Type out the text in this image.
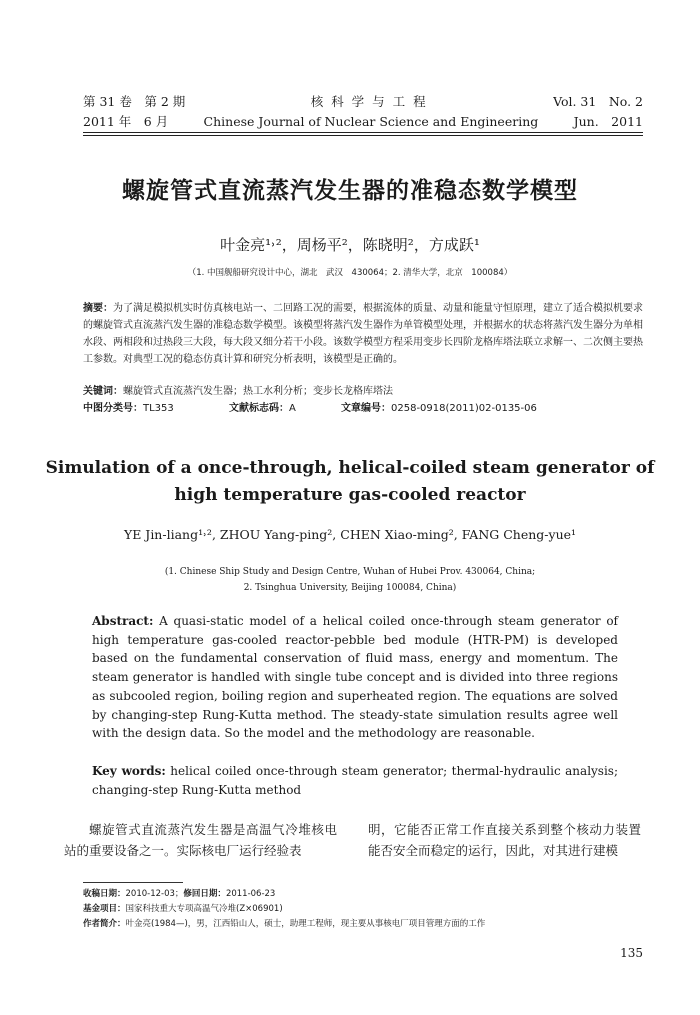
第 31 卷　第 2 期	核 科 学 与 工 程	Vol. 31　No. 2
2011 年　6 月	Chinese Journal of Nuclear Science and Engineering	Jun.　2011
螺旋管式直流蒸汽发生器的准稳态数学模型
叶金亮¹˒²，周杨平²，陈晓明²，方成跃¹
（1. 中国舰船研究设计中心，湖北　武汉　430064；2. 清华大学，北京　100084）
摘要：为了满足模拟机实时仿真核电站一、二回路工况的需要，根据流体的质量、动量和能量守恒原理，建立了适合模拟机要求的螺旋管式直流蒸汽发生器的准稳态数学模型。该模型将蒸汽发生器作为单管模型处理，并根据水的状态将蒸汽发生器分为单相水段、两相段和过热段三大段，每大段又细分若干小段。该数学模型方程采用变步长四阶龙格库塔法联立求解一、二次侧主要热工参数。对典型工况的稳态仿真计算和研究分析表明，该模型是正确的。
关键词：螺旋管式直流蒸汽发生器；热工水利分析；变步长龙格库塔法
中图分类号：TL353	文献标志码：A	文章编号：0258-0918(2011)02-0135-06
Simulation of a once-through, helical-coiled steam generator of
high temperature gas-cooled reactor
YE Jin-liang¹˒², ZHOU Yang-ping², CHEN Xiao-ming², FANG Cheng-yue¹
(1. Chinese Ship Study and Design Centre, Wuhan of Hubei Prov. 430064, China;
2. Tsinghua University, Beijing 100084, China)
Abstract: A quasi-static model of a helical coiled once-through steam generator of high temperature gas-cooled reactor-pebble bed module (HTR-PM) is developed based on the fundamental conservation of fluid mass, energy and momentum. The steam generator is handled with single tube concept and is divided into three regions as subcooled region, boiling region and superheated region. The equations are solved by changing-step Rung-Kutta method. The steady-state simulation results agree well with the design data. So the model and the methodology are reasonable.
Key words: helical coiled once-through steam generator; thermal-hydraulic analysis; changing-step Rung-Kutta method
螺旋管式直流蒸汽发生器是高温气冷堆核电站的重要设备之一。实际核电厂运行经验表
明，它能否正常工作直接关系到整个核动力装置能否安全而稳定的运行，因此，对其进行建模
收稿日期：2010-12-03；修回日期：2011-06-23
基金项目：国家科技重大专项高温气冷堆(Z×06901)
作者简介：叶金亮(1984—)，男，江西铅山人，硕士，助理工程师，现主要从事核电厂项目管理方面的工作
135
